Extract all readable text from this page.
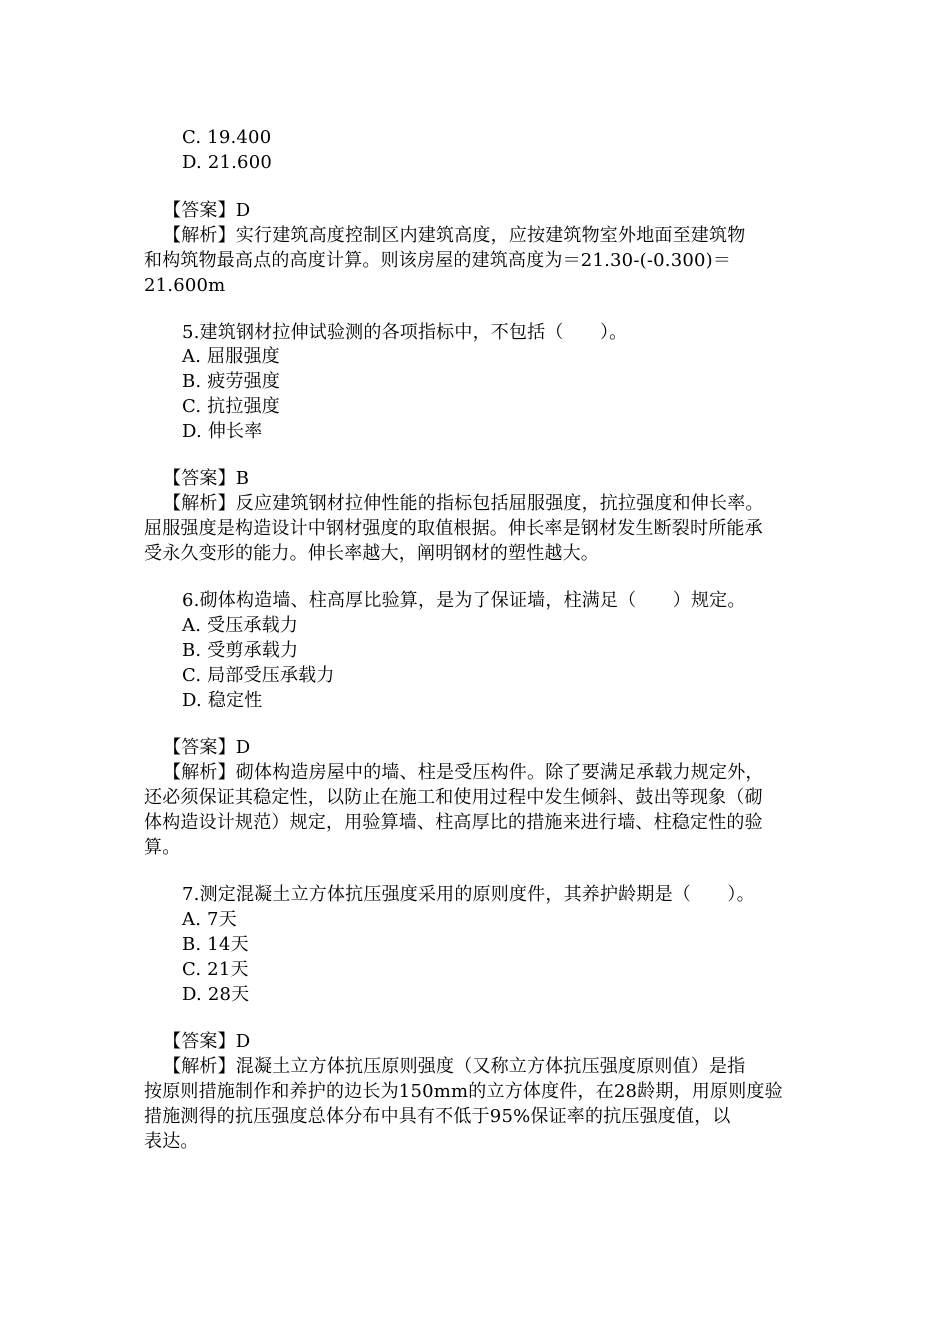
C. 19.400
D. 21.600
【答案】D
【解析】实行建筑高度控制区内建筑高度，应按建筑物室外地面至建筑物
和构筑物最高点的高度计算。则该房屋的建筑高度为＝21.30-(-0.300)＝
21.600m
5.建筑钢材拉伸试验测的各项指标中，不包括（　　）。
A. 屈服强度
B. 疲劳强度
C. 抗拉强度
D. 伸长率
【答案】B
【解析】反应建筑钢材拉伸性能的指标包括屈服强度，抗拉强度和伸长率。
屈服强度是构造设计中钢材强度的取值根据。伸长率是钢材发生断裂时所能承
受永久变形的能力。伸长率越大，阐明钢材的塑性越大。
6.砌体构造墙、柱高厚比验算，是为了保证墙，柱满足（　　）规定。
A. 受压承载力
B. 受剪承载力
C. 局部受压承载力
D. 稳定性
【答案】D
【解析】砌体构造房屋中的墙、柱是受压构件。除了要满足承载力规定外，
还必须保证其稳定性，以防止在施工和使用过程中发生倾斜、鼓出等现象（砌
体构造设计规范）规定，用验算墙、柱高厚比的措施来进行墙、柱稳定性的验
算。
7.测定混凝土立方体抗压强度采用的原则度件，其养护龄期是（　　）。
A. 7天
B. 14天
C. 21天
D. 28天
【答案】D
【解析】混凝土立方体抗压原则强度（又称立方体抗压强度原则值）是指
按原则措施制作和养护的边长为150mm的立方体度件，在28龄期，用原则度验
措施测得的抗压强度总体分布中具有不低于95%保证率的抗压强度值，以
表达。
